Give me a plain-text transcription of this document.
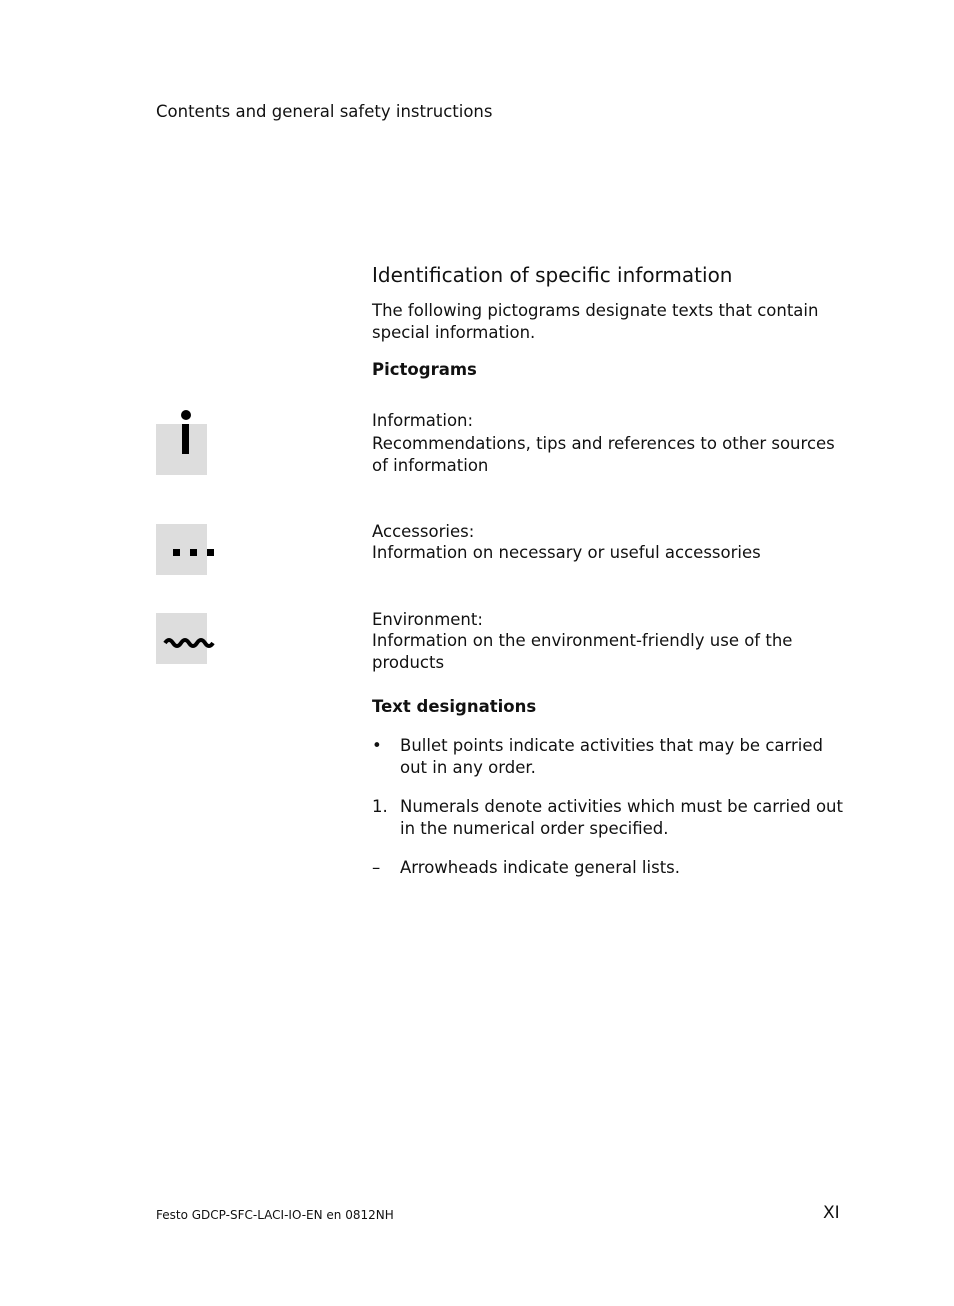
Contents and general safety instructions
Identification of specific information
The following pictograms designate texts that contain special information.
Pictograms
Information:
Recommendations, tips and references to other sources of information
Accessories:
Information on necessary or useful accessories
Environment:
Information on the environment-friendly use of the products
Text designations
•	Bullet points indicate activities that may be carried out in any order.
1. Numerals denote activities which must be carried out in the numerical order specified.
–	Arrowheads indicate general lists.
Festo GDCP-SFC-LACI-IO-EN en 0812NH	XI
